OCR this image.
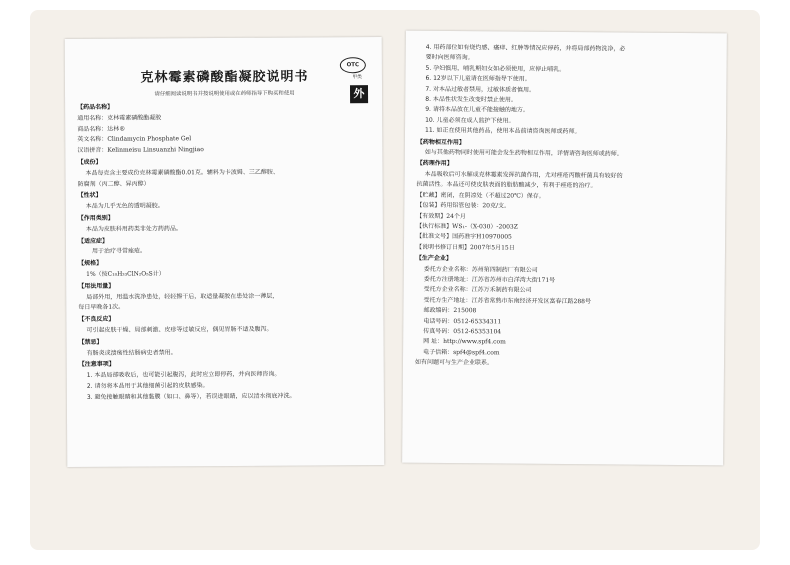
OTC
甲类
外
克林霉素磷酸酯凝胶说明书
请仔细阅读说明书并按说明使用或在药师指导下购买和使用
【药品名称】
通用名称：克林霉素磷酸酯凝胶
商品名称：达林®
英文名称：Clindamycin Phosphate Gel
汉语拼音：Kelinmeisu Linsuanzhi Ningjiao
【成份】
本品每克含主要成份克林霉素磷酸酯0.01克。辅料为卡波姆、三乙醇胺、
防腐剂（丙二醇、异丙醇）
【性状】
本品为几乎无色的透明凝胶。
【作用类别】
本品为皮肤科用药类非处方药药品。
【适应症】
用于治疗寻常痤疮。
【规格】
1%（按C₁₈H₃₃ClN₂O₅S计）
【用法用量】
局部外用，用温水洗净患处，轻轻擦干后，取适量凝胶在患处涂一薄层，
每日早晚各1次。
【不良反应】
可引起皮肤干燥、局部刺激、皮疹等过敏反应，偶见胃肠不适及腹泻。
【禁忌】
有肠炎或溃疡性结肠病史者禁用。
【注意事项】
1. 本品局部吸收后，也可能引起腹泻，此时应立即停药，并向医师咨询。
2. 请勿将本品用于其他细菌引起的皮肤感染。
3. 避免接触眼睛和其他黏膜（如口、鼻等），若误进眼睛，应以清水彻底冲洗。
4. 用药部位如有烧灼感、瘙痒、红肿等情况应停药，并将局部药物洗净，必
要时向医师咨询。
5. 孕妇慎用，哺乳期妇女如必须使用，应停止哺乳。
6. 12岁以下儿童请在医师指导下使用。
7. 对本品过敏者禁用，过敏体质者慎用。
8. 本品性状发生改变时禁止使用。
9. 请将本品放在儿童不能接触的地方。
10. 儿童必须在成人监护下使用。
11. 如正在使用其他药品，使用本品前请咨询医师或药师。
【药物相互作用】
如与其他药物同时使用可能会发生药物相互作用，详情请咨询医师或药师。
【药理作用】
本品吸收后可水解成克林霉素发挥抗菌作用，尤对痤疮丙酸杆菌具有较好的
抗菌活性。本品还可使皮肤表面的脂肪酸减少，有利于痤疮的治疗。
【贮藏】密闭，在阴凉处（不超过20℃）保存。
【包装】药用铝管包装：20克/支。
【有效期】24个月
【执行标准】WS₁-（X-030）-2003Z
【批准文号】国药准字H10970005
【说明书修订日期】2007年5月15日
【生产企业】
委托方企业名称：苏州第四制药厂有限公司
委托方注册地址：江苏省苏州市白洋湾大街171号
受托方企业名称：江苏万禾制药有限公司
受托方生产地址：江苏省常熟市东南经济开发区富春江路288号
邮政编码：215008
电话号码：0512-65334311
传真号码：0512-65353104
网 址：http://www.spf4.com
电子信箱：spf4@spf4.com
如有问题可与生产企业联系。
